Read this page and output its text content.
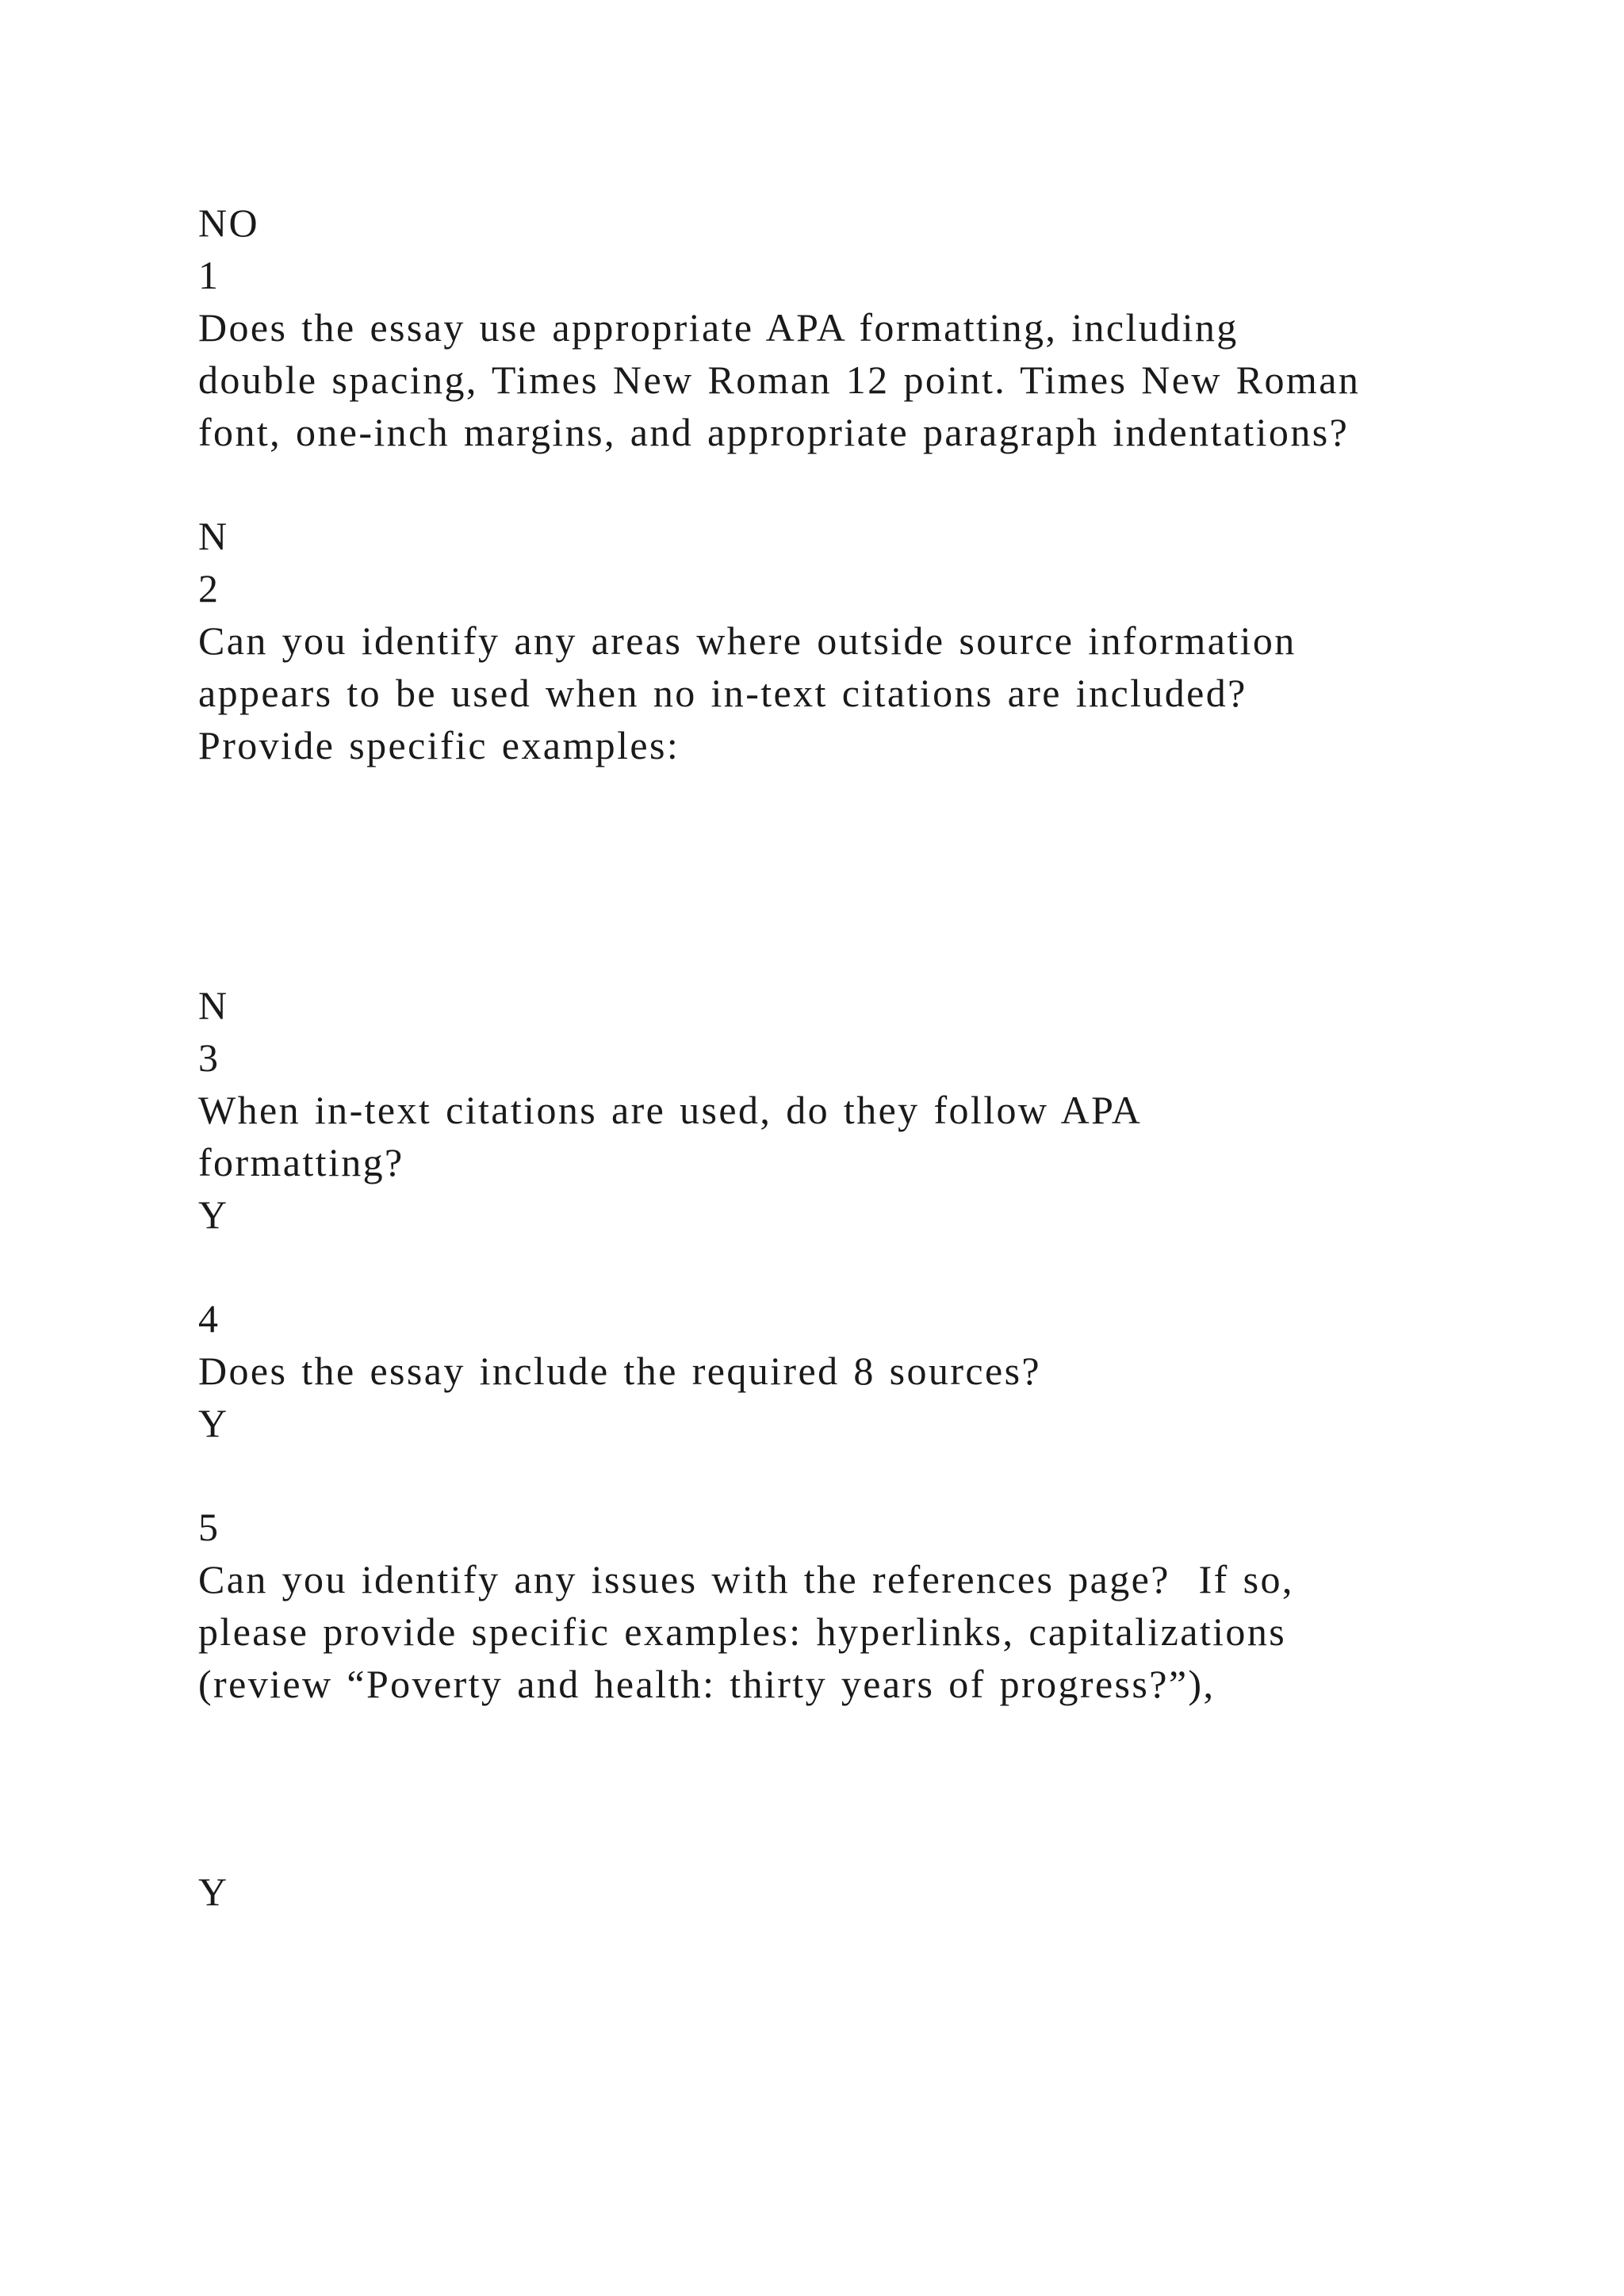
NO

1

Does the essay use appropriate APA formatting, including

double spacing, Times New Roman 12 point. Times New Roman

font, one-inch margins, and appropriate paragraph indentations?

N

2

Can you identify any areas where outside source information

appears to be used when no in-text citations are included?

Provide specific examples:

N

3

When in-text citations are used, do they follow APA

formatting?

Y

4

Does the essay include the required 8 sources?

Y

5

Can you identify any issues with the references page?  If so,

please provide specific examples: hyperlinks, capitalizations

(review “Poverty and health: thirty years of progress?”),

Y
